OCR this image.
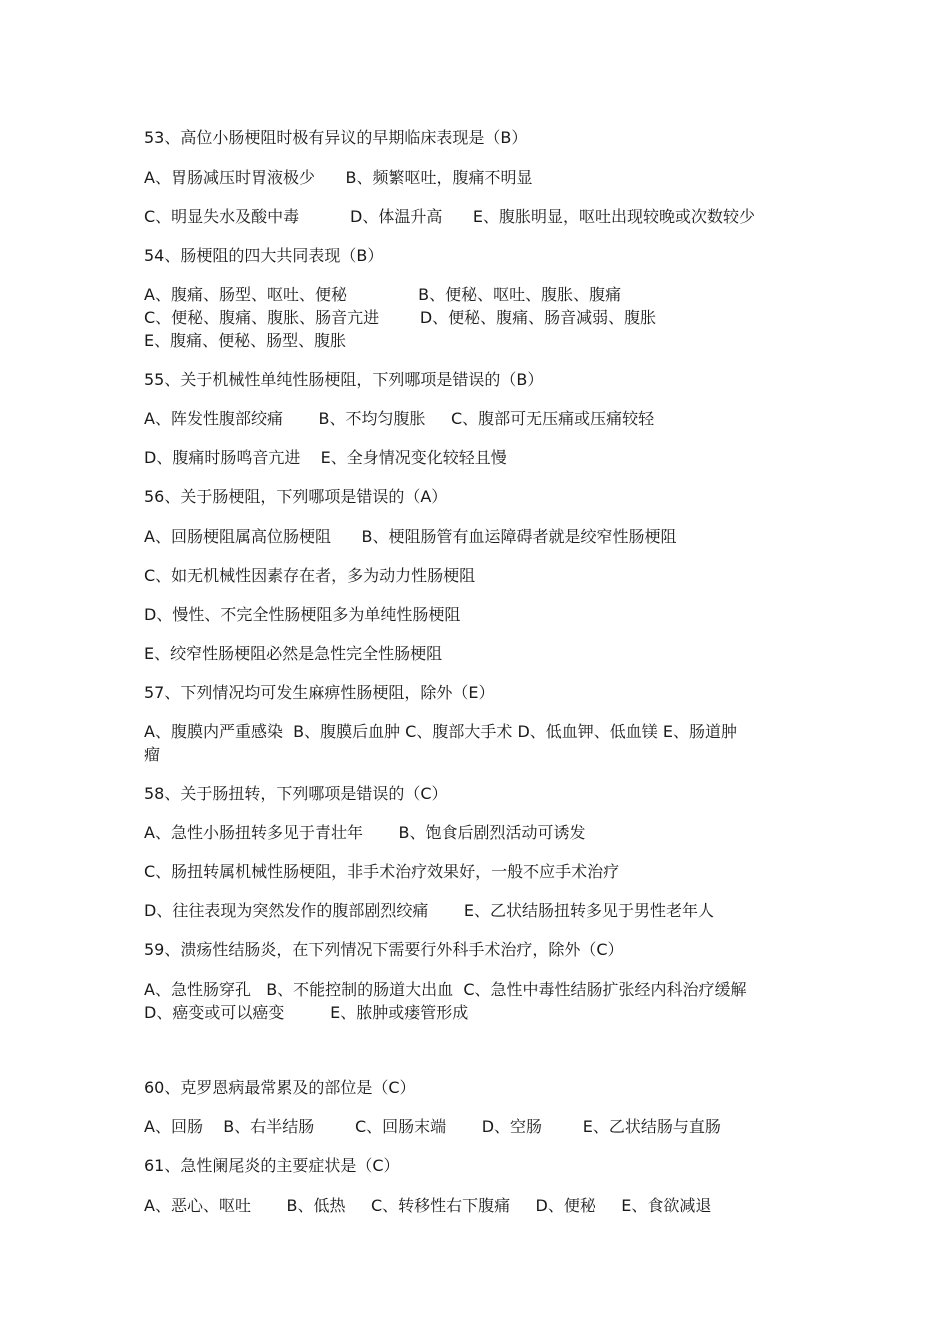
53、高位小肠梗阻时极有异议的早期临床表现是（B）

A、胃肠减压时胃液极少      B、频繁呕吐，腹痛不明显

C、明显失水及酸中毒          D、体温升高      E、腹胀明显，呕吐出现较晚或次数较少

54、肠梗阻的四大共同表现（B）

A、腹痛、肠型、呕吐、便秘              B、便秘、呕吐、腹胀、腹痛

C、便秘、腹痛、腹胀、肠音亢进        D、便秘、腹痛、肠音减弱、腹胀

E、腹痛、便秘、肠型、腹胀

55、关于机械性单纯性肠梗阻，下列哪项是错误的（B）

A、阵发性腹部绞痛       B、不均匀腹胀     C、腹部可无压痛或压痛较轻

D、腹痛时肠鸣音亢进    E、全身情况变化较轻且慢

56、关于肠梗阻，下列哪项是错误的（A）

A、回肠梗阻属高位肠梗阻      B、梗阻肠管有血运障碍者就是绞窄性肠梗阻

C、如无机械性因素存在者，多为动力性肠梗阻

D、慢性、不完全性肠梗阻多为单纯性肠梗阻

E、绞窄性肠梗阻必然是急性完全性肠梗阻

57、下列情况均可发生麻痹性肠梗阻，除外（E）

A、腹膜内严重感染  B、腹膜后血肿 C、腹部大手术 D、低血钾、低血镁 E、肠道肿

瘤

58、关于肠扭转，下列哪项是错误的（C）

A、急性小肠扭转多见于青壮年       B、饱食后剧烈活动可诱发

C、肠扭转属机械性肠梗阻，非手术治疗效果好，一般不应手术治疗

D、往往表现为突然发作的腹部剧烈绞痛       E、乙状结肠扭转多见于男性老年人

59、溃疡性结肠炎，在下列情况下需要行外科手术治疗，除外（C）

A、急性肠穿孔   B、不能控制的肠道大出血  C、急性中毒性结肠扩张经内科治疗缓解

D、癌变或可以癌变         E、脓肿或瘘管形成

60、克罗恩病最常累及的部位是（C）

A、回肠    B、右半结肠        C、回肠末端       D、空肠        E、乙状结肠与直肠

61、急性阑尾炎的主要症状是（C）

A、恶心、呕吐       B、低热     C、转移性右下腹痛     D、便秘     E、食欲减退
